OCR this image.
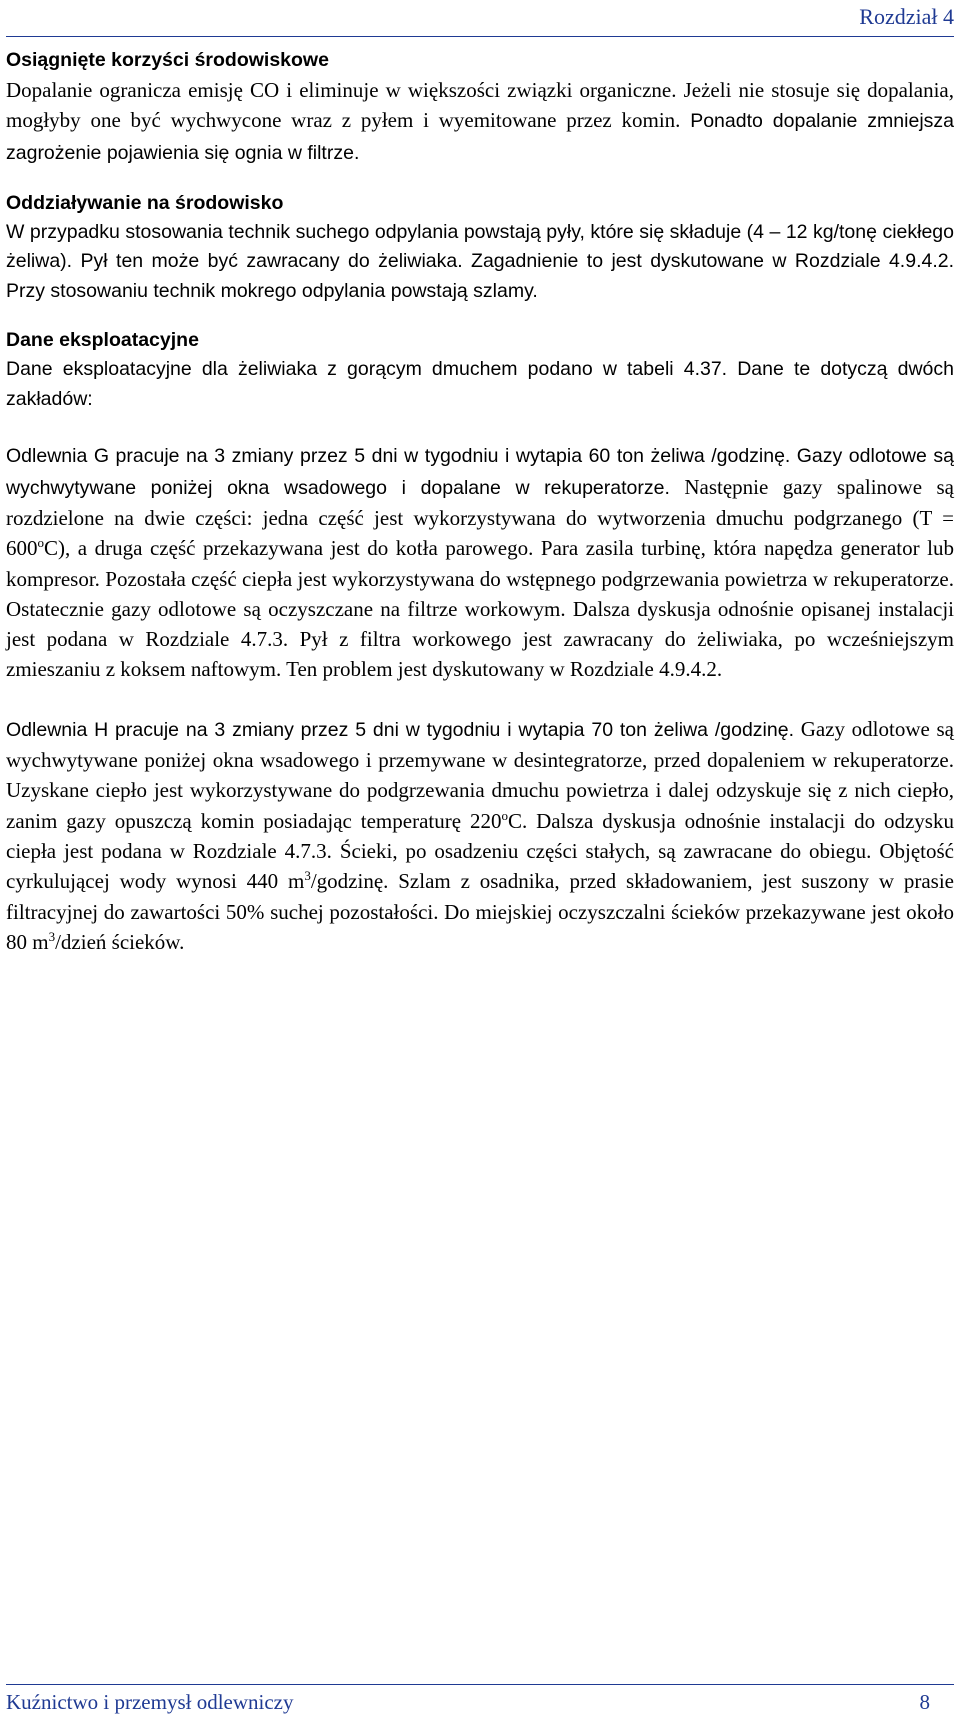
Rozdział 4

Osiągnięte korzyści środowiskowe

Dopalanie ogranicza emisję CO i eliminuje w większości związki organiczne. Jeżeli nie stosuje się dopalania, mogłyby one być wychwycone wraz z pyłem i wyemitowane przez komin. Ponadto dopalanie zmniejsza zagrożenie pojawienia się ognia w filtrze.

Oddziaływanie na środowisko

W przypadku stosowania technik suchego odpylania powstają pyły, które się składuje (4 – 12 kg/tonę ciekłego żeliwa). Pył ten może być zawracany do żeliwiaka. Zagadnienie to jest dyskutowane w Rozdziale 4.9.4.2. Przy stosowaniu technik mokrego odpylania powstają szlamy.

Dane eksploatacyjne

Dane eksploatacyjne dla żeliwiaka z gorącym dmuchem podano w tabeli 4.37. Dane te dotyczą dwóch zakładów:

Odlewnia G pracuje na 3 zmiany przez 5 dni w tygodniu i wytapia 60 ton żeliwa /godzinę. Gazy odlotowe są wychwytywane poniżej okna wsadowego i dopalane w rekuperatorze. Następnie gazy spalinowe są rozdzielone na dwie części: jedna część jest wykorzystywana do wytworzenia dmuchu podgrzanego $(T = 600^oC)$, a druga część przekazywana jest do kotła parowego. Para zasila turbinę, która napędza generator lub kompresor. Pozostała część ciepła jest wykorzystywana do wstępnego podgrzewania powietrza w rekuperatorze. Ostatecznie gazy odlotowe są oczyszczane na filtrze workowym. Dalsza dyskusja odnośnie opisanej instalacji jest podana w Rozdziale 4.7.3. Pył z filtra workowego jest zawracany do żeliwiaka, po wcześniejszym zmieszaniu z koksem naftowym. Ten problem jest dyskutowany w Rozdziale 4.9.4.2.

Odlewnia H pracuje na 3 zmiany przez 5 dni w tygodniu i wytapia 70 ton żeliwa /godzinę. Gazy odlotowe są wychwytywane poniżej okna wsadowego i przemywane w desintegratorze, przed dopaleniem w rekuperatorze. Uzyskane ciepło jest wykorzystywane do podgrzewania dmuchu powietrza i dalej odzyskuje się z nich ciepło, zanim gazy opuszczą komin posiadając temperaturę 220$^o$C. Dalsza dyskusja odnośnie instalacji do odzysku ciepła jest podana w Rozdziale 4.7.3. Ścieki, po osadzeniu części stałych, są zawracane do obiegu. Objętość cyrkulującej wody wynosi 440 $m^3$/godzinę. Szlam z osadnika, przed składowaniem, jest suszony w prasie filtracyjnej do zawartości 50% suchej pozostałości. Do miejskiej oczyszczalni ścieków przekazywane jest około 80 $m^3$/dzień ścieków.

Kuźnictwo i przemysł odlewniczy	8
